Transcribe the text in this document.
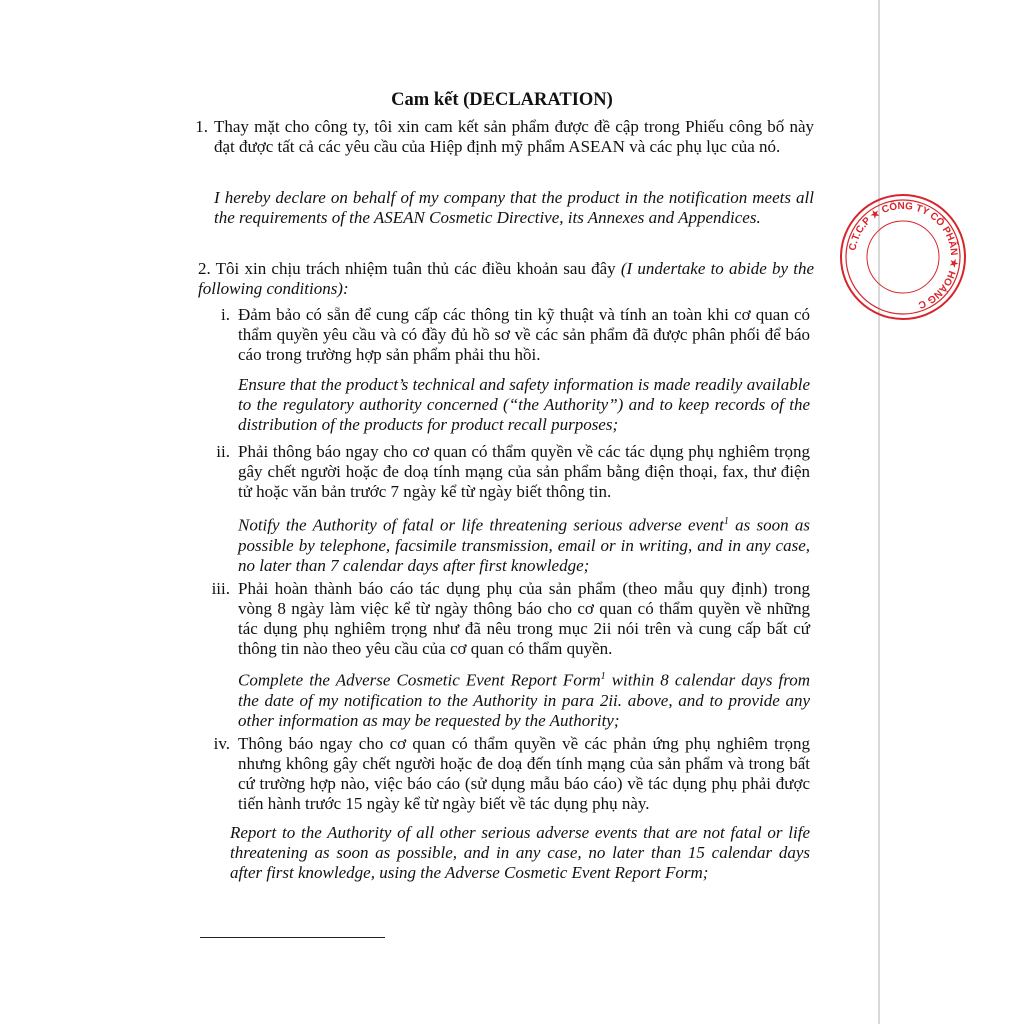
Cam kết (DECLARATION)
1. Thay mặt cho công ty, tôi xin cam kết sản phẩm được đề cập trong Phiếu công bố này đạt được tất cả các yêu cầu của Hiệp định mỹ phẩm ASEAN và các phụ lục của nó.
I hereby declare on behalf of my company that the product in the notification meets all the requirements of the ASEAN Cosmetic Directive, its Annexes and Appendices.
2. Tôi xin chịu trách nhiệm tuân thủ các điều khoản sau đây (I undertake to abide by the following conditions):
i. Đảm bảo có sẵn để cung cấp các thông tin kỹ thuật và tính an toàn khi cơ quan có thẩm quyền yêu cầu và có đầy đủ hồ sơ về các sản phẩm đã được phân phối để báo cáo trong trường hợp sản phẩm phải thu hồi.
Ensure that the product’s technical and safety information is made readily available to the regulatory authority concerned (“the Authority”) and to keep records of the distribution of the products for product recall purposes;
ii. Phải thông báo ngay cho cơ quan có thẩm quyền về các tác dụng phụ nghiêm trọng gây chết người hoặc đe doạ tính mạng của sản phẩm bằng điện thoại, fax, thư điện tử hoặc văn bản trước 7 ngày kể từ ngày biết thông tin.
Notify the Authority of fatal or life threatening serious adverse event$^1$ as soon as possible by telephone, facsimile transmission, email or in writing, and in any case, no later than 7 calendar days after first knowledge;
iii. Phải hoàn thành báo cáo tác dụng phụ của sản phẩm (theo mẫu quy định) trong vòng 8 ngày làm việc kể từ ngày thông báo cho cơ quan có thẩm quyền về những tác dụng phụ nghiêm trọng như đã nêu trong mục 2ii nói trên và cung cấp bất cứ thông tin nào theo yêu cầu của cơ quan có thẩm quyền.
Complete the Adverse Cosmetic Event Report Form$^1$ within 8 calendar days from the date of my notification to the Authority in para 2ii. above, and to provide any other information as may be requested by the Authority;
iv. Thông báo ngay cho cơ quan có thẩm quyền về các phản ứng phụ nghiêm trọng nhưng không gây chết người hoặc đe doạ đến tính mạng của sản phẩm và trong bất cứ trường hợp nào, việc báo cáo (sử dụng mẫu báo cáo) về tác dụng phụ phải được tiến hành trước 15 ngày kể từ ngày biết về tác dụng phụ này.
Report to the Authority of all other serious adverse events that are not fatal or life threatening as soon as possible, and in any case, no later than 15 calendar days after first knowledge, using the Adverse Cosmetic Event Report Form;
C.T.C.P ★ CÔNG TY CỔ PHẦN ★ HOÀNG C
